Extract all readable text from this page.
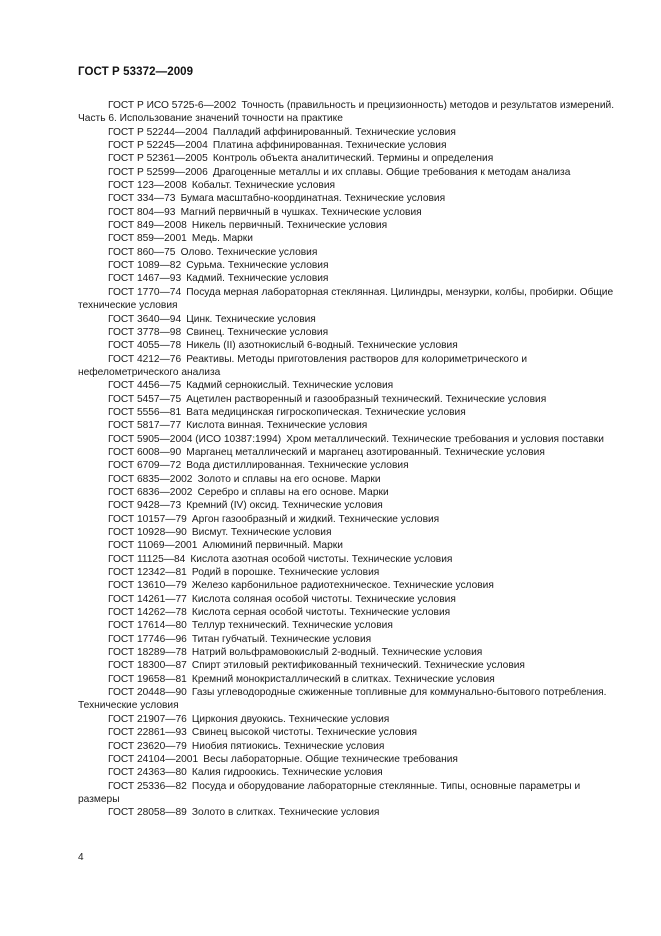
ГОСТ Р 53372—2009
ГОСТ Р ИСО 5725-6—2002  Точность (правильность и прецизионность) методов и результатов измерений. Часть 6. Использование значений точности на практике
ГОСТ Р 52244—2004  Палладий аффинированный. Технические условия
ГОСТ Р 52245—2004  Платина аффинированная. Технические условия
ГОСТ Р 52361—2005  Контроль объекта аналитический. Термины и определения
ГОСТ Р 52599—2006  Драгоценные металлы и их сплавы. Общие требования к методам анализа
ГОСТ 123—2008  Кобальт. Технические условия
ГОСТ 334—73  Бумага масштабно-координатная. Технические условия
ГОСТ 804—93  Магний первичный в чушках. Технические условия
ГОСТ 849—2008  Никель первичный. Технические условия
ГОСТ 859—2001  Медь. Марки
ГОСТ 860—75  Олово. Технические условия
ГОСТ 1089—82  Сурьма. Технические условия
ГОСТ 1467—93  Кадмий. Технические условия
ГОСТ 1770—74  Посуда мерная лабораторная стеклянная. Цилиндры, мензурки, колбы, пробирки. Общие технические условия
ГОСТ 3640—94  Цинк. Технические условия
ГОСТ 3778—98  Свинец. Технические условия
ГОСТ 4055—78  Никель (II) азотнокислый 6-водный. Технические условия
ГОСТ 4212—76  Реактивы. Методы приготовления растворов для колориметрического и нефелометрического анализа
ГОСТ 4456—75  Кадмий сернокислый. Технические условия
ГОСТ 5457—75  Ацетилен растворенный и газообразный технический. Технические условия
ГОСТ 5556—81  Вата медицинская гигроскопическая. Технические условия
ГОСТ 5817—77  Кислота винная. Технические условия
ГОСТ 5905—2004 (ИСО 10387:1994)  Хром металлический. Технические требования и условия поставки
ГОСТ 6008—90  Марганец металлический и марганец азотированный. Технические условия
ГОСТ 6709—72  Вода дистиллированная. Технические условия
ГОСТ 6835—2002  Золото и сплавы на его основе. Марки
ГОСТ 6836—2002  Серебро и сплавы на его основе. Марки
ГОСТ 9428—73  Кремний (IV) оксид. Технические условия
ГОСТ 10157—79  Аргон газообразный и жидкий. Технические условия
ГОСТ 10928—90  Висмут. Технические условия
ГОСТ 11069—2001  Алюминий первичный. Марки
ГОСТ 11125—84  Кислота азотная особой чистоты. Технические условия
ГОСТ 12342—81  Родий в порошке. Технические условия
ГОСТ 13610—79  Железо карбонильное радиотехническое. Технические условия
ГОСТ 14261—77  Кислота соляная особой чистоты. Технические условия
ГОСТ 14262—78  Кислота серная особой чистоты. Технические условия
ГОСТ 17614—80  Теллур технический. Технические условия
ГОСТ 17746—96  Титан губчатый. Технические условия
ГОСТ 18289—78  Натрий вольфрамовокислый 2-водный. Технические условия
ГОСТ 18300—87  Спирт этиловый ректификованный технический. Технические условия
ГОСТ 19658—81  Кремний монокристаллический в слитках. Технические условия
ГОСТ 20448—90  Газы углеводородные сжиженные топливные для коммунально-бытового потребления. Технические условия
ГОСТ 21907—76  Циркония двуокись. Технические условия
ГОСТ 22861—93  Свинец высокой чистоты. Технические условия
ГОСТ 23620—79  Ниобия пятиокись. Технические условия
ГОСТ 24104—2001  Весы лабораторные. Общие технические требования
ГОСТ 24363—80  Калия гидроокись. Технические условия
ГОСТ 25336—82  Посуда и оборудование лабораторные стеклянные. Типы, основные параметры и размеры
ГОСТ 28058—89  Золото в слитках. Технические условия
4
